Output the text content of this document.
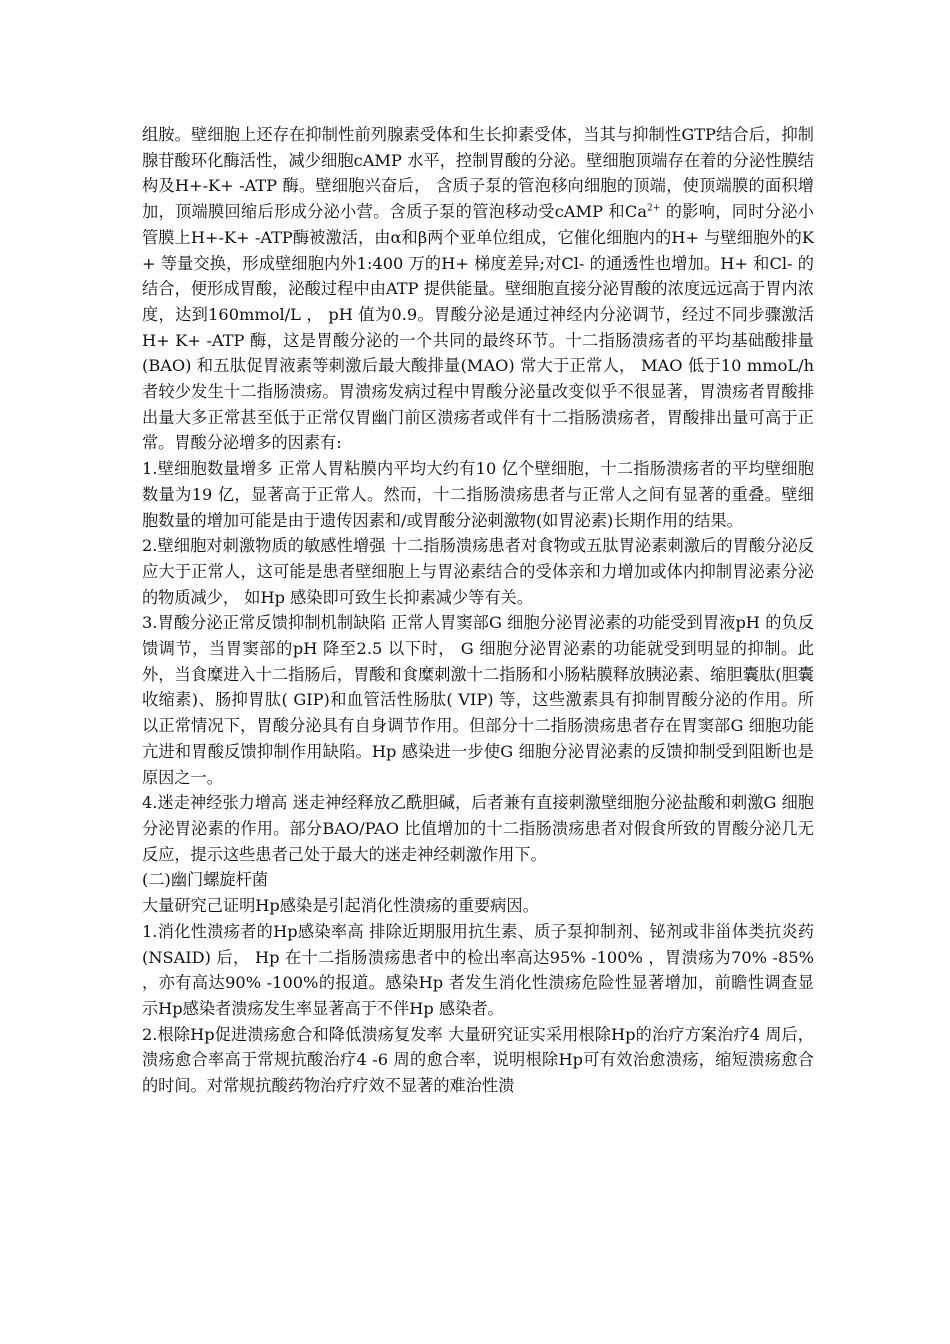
组胺。壁细胞上还存在抑制性前列腺素受体和生长抑素受体，当其与抑制性GTP结合后，抑制腺苷酸环化酶活性，减少细胞cAMP 水平，控制胃酸的分泌。壁细胞顶端存在着的分泌性膜结构及H+-K+ -ATP 酶。壁细胞兴奋后， 含质子泵的管泡移向细胞的顶端，使顶端膜的面积增加，顶端膜回缩后形成分泌小营。含质子泵的管泡移动受cAMP 和$Ca^{2+}$ 的影响，同时分泌小管膜上H+-K+ -ATP酶被激活，由α和β两个亚单位组成，它催化细胞内的H+ 与壁细胞外的K+ 等量交换，形成壁细胞内外1:400 万的H+ 梯度差异;对Cl- 的通透性也增加。H+ 和Cl- 的结合，便形成胃酸，泌酸过程中由ATP 提供能量。壁细胞直接分泌胃酸的浓度远远高于胃内浓度，达到160mmol/L ， pH 值为0.9。胃酸分泌是通过神经内分泌调节，经过不同步骤激活H+ K+ -ATP 酶，这是胃酸分泌的一个共同的最终环节。十二指肠溃疡者的平均基础酸排量(BAO) 和五肽促胃液素等刺激后最大酸排量(MAO) 常大于正常人， MAO 低于10 mmoL/h 者较少发生十二指肠溃疡。胃溃疡发病过程中胃酸分泌量改变似乎不很显著，胃溃疡者胃酸排出量大多正常甚至低于正常仅胃幽门前区溃疡者或伴有十二指肠溃疡者，胃酸排出量可高于正常。胃酸分泌增多的因素有:

1.壁细胞数量增多 正常人胃粘膜内平均大约有10 亿个壁细胞，十二指肠溃疡者的平均壁细胞数量为19 亿，显著高于正常人。然而，十二指肠溃疡患者与正常人之间有显著的重叠。壁细胞数量的增加可能是由于遗传因素和/或胃酸分泌刺激物(如胃泌素)长期作用的结果。

2.壁细胞对刺激物质的敏感性增强 十二指肠溃疡患者对食物或五肽胃泌素刺激后的胃酸分泌反应大于正常人，这可能是患者壁细胞上与胃泌素结合的受体亲和力增加或体内抑制胃泌素分泌的物质减少， 如Hp 感染即可致生长抑素减少等有关。

3.胃酸分泌正常反馈抑制机制缺陷 正常人胃窦部G 细胞分泌胃泌素的功能受到胃液pH 的负反馈调节，当胃窦部的pH 降至2.5 以下时， G 细胞分泌胃泌素的功能就受到明显的抑制。此外，当食糜进入十二指肠后，胃酸和食糜刺激十二指肠和小肠粘膜释放胰泌素、缩胆囊肽(胆囊收缩素)、肠抑胃肽( GIP)和血管活性肠肽( VIP) 等，这些激素具有抑制胃酸分泌的作用。所以正常情况下，胃酸分泌具有自身调节作用。但部分十二指肠溃疡患者存在胃窦部G 细胞功能亢进和胃酸反馈抑制作用缺陷。Hp 感染进一步使G 细胞分泌胃泌素的反馈抑制受到阻断也是原因之一。

4.迷走神经张力增高 迷走神经释放乙酰胆碱，后者兼有直接刺激壁细胞分泌盐酸和刺激G 细胞分泌胃泌素的作用。部分BAO/PAO 比值增加的十二指肠溃疡患者对假食所致的胃酸分泌几无反应，提示这些患者己处于最大的迷走神经刺激作用下。

(二)幽门螺旋杆菌

大量研究己证明Hp感染是引起消化性溃疡的重要病因。

1.消化性溃疡者的Hp感染率高 排除近期服用抗生素、质子泵抑制剂、铋剂或非甾体类抗炎药(NSAID) 后， Hp 在十二指肠溃疡患者中的检出率高达95% -100% ，胃溃疡为70% -85% ，亦有高达90% -100%的报道。感染Hp 者发生消化性溃疡危险性显著增加，前瞻性调查显示Hp感染者溃疡发生率显著高于不伴Hp 感染者。

2.根除Hp促进溃疡愈合和降低溃疡复发率 大量研究证实采用根除Hp的治疗方案治疗4 周后，溃疡愈合率高于常规抗酸治疗4 -6 周的愈合率，说明根除Hp可有效治愈溃疡，缩短溃疡愈合的时间。对常规抗酸药物治疗疗效不显著的难治性溃
